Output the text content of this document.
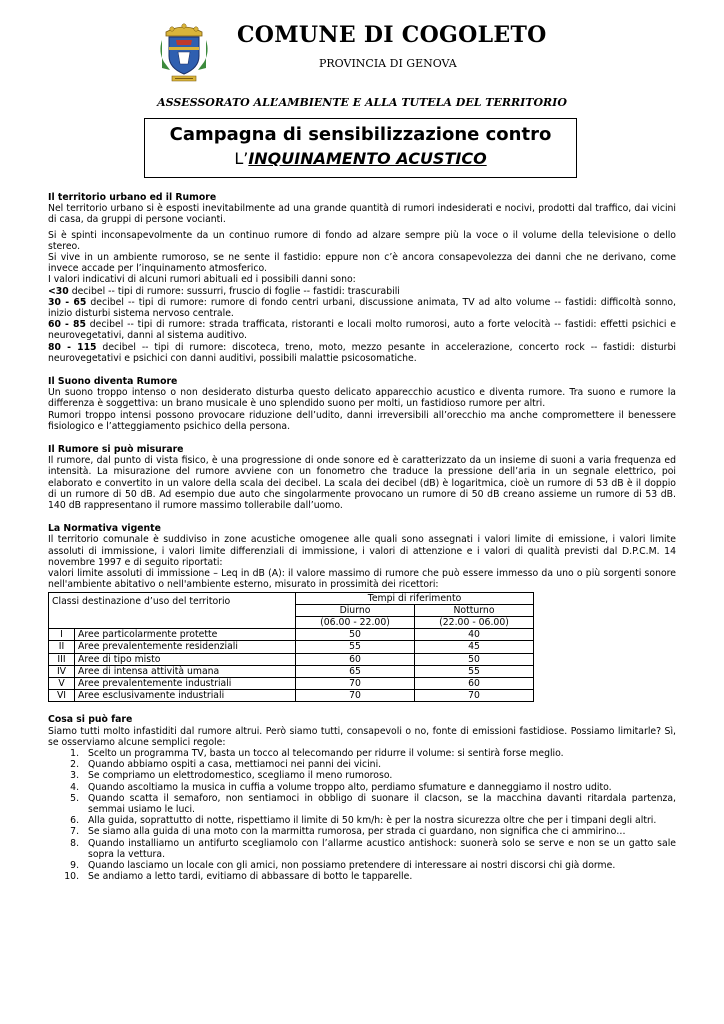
COMUNE DI COGOLETO
PROVINCIA DI GENOVA
ASSESSORATO ALL’AMBIENTE E ALLA TUTELA DEL TERRITORIO
Campagna di sensibilizzazione contro
L’INQUINAMENTO ACUSTICO

Il territorio urbano ed il Rumore

Nel territorio urbano si è esposti inevitabilmente ad una grande quantità di rumori indesiderati e nocivi, prodotti dal traffico, dai vicini di casa, da gruppi di persone vocianti.

Si è spinti inconsapevolmente da un continuo rumore di fondo ad alzare sempre più la voce o il volume della televisione o dello stereo.

Si vive in un ambiente rumoroso, se ne sente il fastidio: eppure non c’è ancora consapevolezza dei danni che ne derivano, come invece accade per l’inquinamento atmosferico.

I valori indicativi di alcuni rumori abituali ed i possibili danni sono:

<30 decibel -- tipi di rumore: sussurri, fruscio di foglie -- fastidi: trascurabili

30 - 65 decibel -- tipi di rumore: rumore di fondo centri urbani, discussione animata, TV ad alto volume -- fastidi: difficoltà sonno, inizio disturbi sistema nervoso centrale.

60 - 85 decibel -- tipi di rumore: strada trafficata, ristoranti e locali molto rumorosi, auto a forte velocità -- fastidi: effetti psichici e neurovegetativi, danni al sistema auditivo.

80 - 115 decibel -- tipi di rumore: discoteca, treno, moto, mezzo pesante in accelerazione, concerto rock -- fastidi: disturbi neurovegetativi e psichici con danni auditivi, possibili malattie psicosomatiche.

Il Suono diventa Rumore

Un suono troppo intenso o non desiderato disturba questo delicato apparecchio acustico e diventa rumore. Tra suono e rumore la differenza è soggettiva: un brano musicale è uno splendido suono per molti, un fastidioso rumore per altri.

Rumori troppo intensi possono provocare riduzione dell’udito, danni irreversibili all’orecchio ma anche compromettere il benessere fisiologico e l’atteggiamento psichico della persona.

Il Rumore si può misurare

Il rumore, dal punto di vista fisico, è una progressione di onde sonore ed è caratterizzato da un insieme di suoni a varia frequenza ed intensità. La misurazione del rumore avviene con un fonometro che traduce la pressione dell’aria in un segnale elettrico, poi elaborato e convertito in un valore della scala dei decibel. La scala dei decibel (dB) è logaritmica, cioè un rumore di 53 dB è il doppio di un rumore di 50 dB. Ad esempio due auto che singolarmente provocano un rumore di 50 dB creano assieme un rumore di 53 dB. 140 dB rappresentano il rumore massimo tollerabile dall’uomo.

La Normativa vigente

Il territorio comunale è suddiviso in zone acustiche omogenee alle quali sono assegnati i valori limite di emissione, i valori limite assoluti di immissione, i valori limite differenziali di immissione, i valori di attenzione e i valori di qualità previsti dal D.P.C.M. 14 novembre 1997 e di seguito riportati:

valori limite assoluti di immissione – Leq in dB (A): il valore massimo di rumore che può essere immesso da uno o più sorgenti sonore nell'ambiente abitativo o nell'ambiente esterno, misurato in prossimità dei ricettori:

Classi destinazione d’uso del territorio		Tempi di riferimento	
		Diurno	Notturno
		(06.00 - 22.00)	(22.00 - 06.00)
I	Aree particolarmente protette	50	40
II	Aree prevalentemente residenziali	55	45
III	Aree di tipo misto	60	50
IV	Aree di intensa attività umana	65	55
V	Aree prevalentemente industriali	70	60
VI	Aree esclusivamente industriali	70	70

Cosa si può fare

Siamo tutti molto infastiditi dal rumore altrui. Però siamo tutti, consapevoli o no, fonte di emissioni fastidiose. Possiamo limitarle? Sì, se osserviamo alcune semplici regole:

1. Scelto un programma TV, basta un tocco al telecomando per ridurre il volume: si sentirà forse meglio.
2. Quando abbiamo ospiti a casa, mettiamoci nei panni dei vicini.
3. Se compriamo un elettrodomestico, scegliamo il meno rumoroso.
4. Quando ascoltiamo la musica in cuffia a volume troppo alto, perdiamo sfumature e danneggiamo il nostro udito.
5. Quando scatta il semaforo, non sentiamoci in obbligo di suonare il clacson, se la macchina davanti ritardala partenza, semmai usiamo le luci.
6. Alla guida, soprattutto di notte, rispettiamo il limite di 50 km/h: è per la nostra sicurezza oltre che per i timpani degli altri.
7. Se siamo alla guida di una moto con la marmitta rumorosa, per strada ci guardano, non significa che ci ammirino…
8. Quando installiamo un antifurto scegliamolo con l’allarme acustico antishock: suonerà solo se serve e non se un gatto sale sopra la vettura.
9. Quando lasciamo un locale con gli amici, non possiamo pretendere di interessare ai nostri discorsi chi già dorme.
10. Se andiamo a letto tardi, evitiamo di abbassare di botto le tapparelle.
